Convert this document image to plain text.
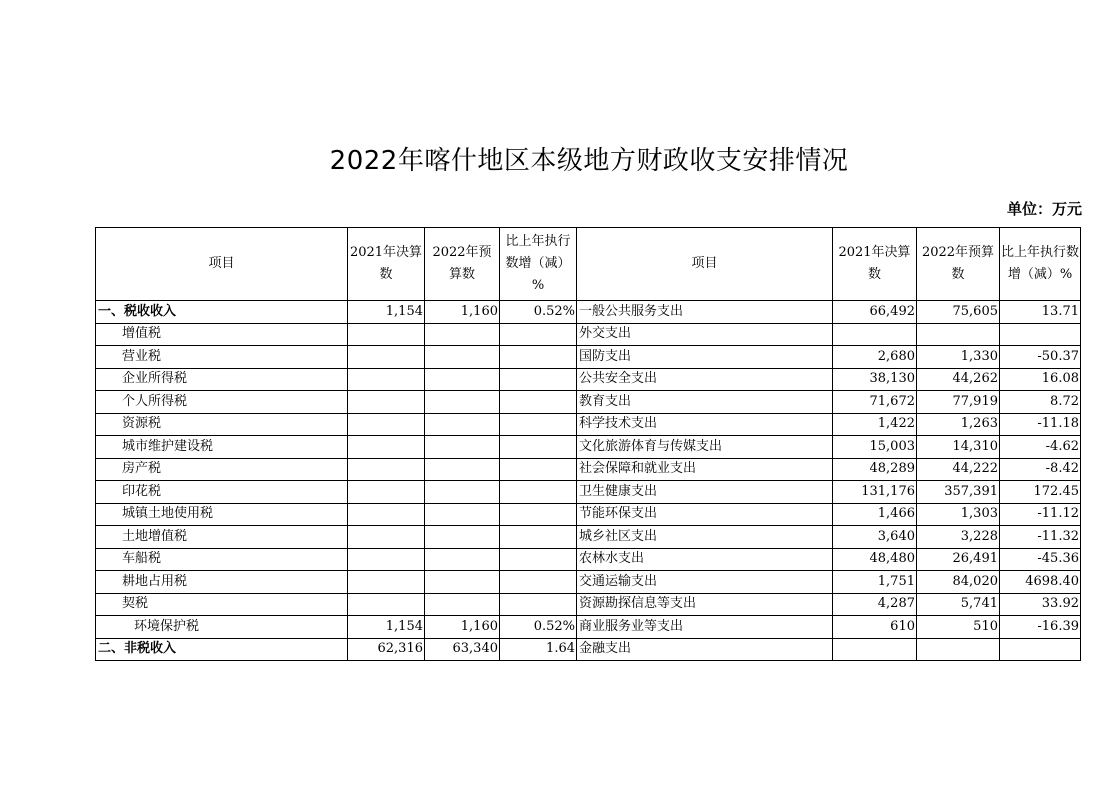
2022年喀什地区本级地方财政收支安排情况
单位：万元
项目	2021年决算数	2022年预算数	比上年执行数增（减）%	项目	2021年决算数	2022年预算数	比上年执行数增（减）%
一、税收收入	1,154	1,160	0.52%	一般公共服务支出	66,492	75,605	13.71
增值税				外交支出			
营业税				国防支出	2,680	1,330	-50.37
企业所得税				公共安全支出	38,130	44,262	16.08
个人所得税				教育支出	71,672	77,919	8.72
资源税				科学技术支出	1,422	1,263	-11.18
城市维护建设税				文化旅游体育与传媒支出	15,003	14,310	-4.62
房产税				社会保障和就业支出	48,289	44,222	-8.42
印花税				卫生健康支出	131,176	357,391	172.45
城镇土地使用税				节能环保支出	1,466	1,303	-11.12
土地增值税				城乡社区支出	3,640	3,228	-11.32
车船税				农林水支出	48,480	26,491	-45.36
耕地占用税				交通运输支出	1,751	84,020	4698.40
契税				资源勘探信息等支出	4,287	5,741	33.92
环境保护税	1,154	1,160	0.52%	商业服务业等支出	610	510	-16.39
二、非税收入	62,316	63,340	1.64	金融支出			
